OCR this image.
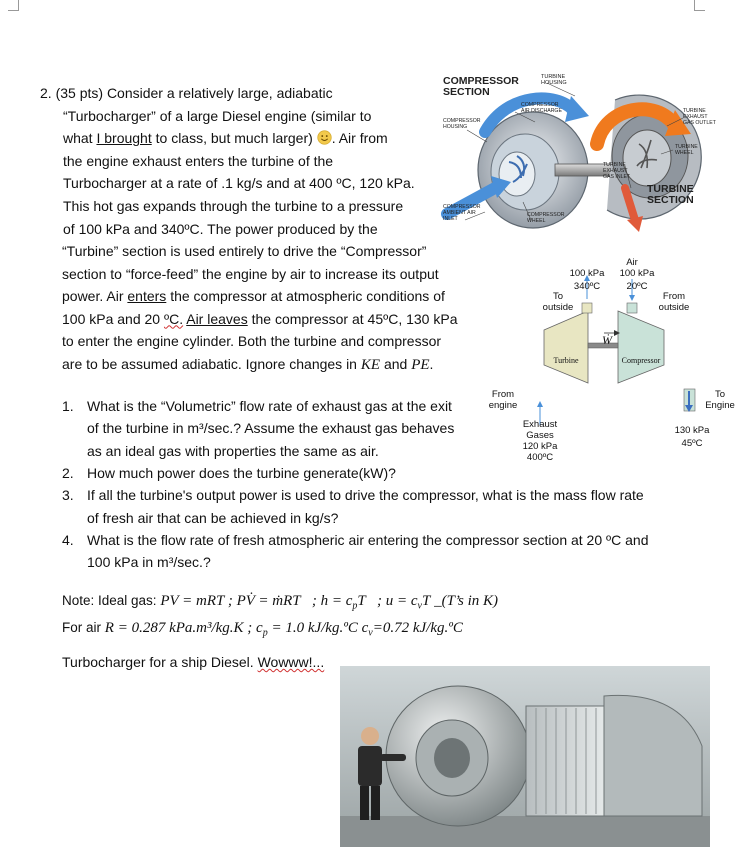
2. (35 pts) Consider a relatively large, adiabatic

“Turbocharger” of a large Diesel engine (similar to

what I brought to class, but much larger) . Air from

the engine exhaust enters the turbine of the

Turbocharger at a rate of .1 kg/s and at 400 ºC, 120 kPa.

This hot gas expands through the turbine to a pressure

of 100 kPa and 340ºC. The power produced by the

“Turbine” section is used entirely to drive the “Compressor”

section to “force-feed” the engine by air to increase its output

power. Air enters the compressor at atmospheric conditions of

100 kPa and 20 ºC. Air leaves the compressor at 45ºC, 130 kPa

to enter the engine cylinder. Both the turbine and compressor

are to be assumed adiabatic. Ignore changes in KE and PE.

1. What is the “Volumetric” flow rate of exhaust gas at the exit
of the turbine in m³/sec.? Assume the exhaust gas behaves
as an ideal gas with properties the same as air.
2. How much power does the turbine generate(kW)?
3. If all the turbine's output power is used to drive the compressor, what is the mass flow rate
of fresh air that can be achieved in kg/s?
4. What is the flow rate of fresh atmospheric air entering the compressor section at 20 ºC and
100 kPa in m³/sec.?
Note: Ideal gas: PV = mRT ; PV̇ = ṁRT ; $h = c_pT$ ; $u = c_vT$ _(T’s in K)
For air R = 0.287 kPa.m³/kg.K ; $c_p = 1.0$ kJ/kg.ºC $c_v=0.72$ kJ/kg.ºC
Turbocharger for a ship Diesel. Wowww!...
COMPRESSOR SECTION
TURBINE HOUSING
COMPRESSOR AIR DISCHARGE
COMPRESSOR HOUSING
TURBINE EXHAUST GAS OUTLET
TURBINE WHEEL
TURBINE EXHAUST GAS INLET
TURBINE SECTION
COMPRESSOR AMBIENT AIR INLET
COMPRESSOR WHEEL
Air
100 kPa
340ºC
100 kPa
20ºC
To
outside
From
outside
Ẇ
Turbine	Compressor
From
engine
To
Engine
Exhaust
Gases
120 kPa
400ºC
130 kPa
45ºC
